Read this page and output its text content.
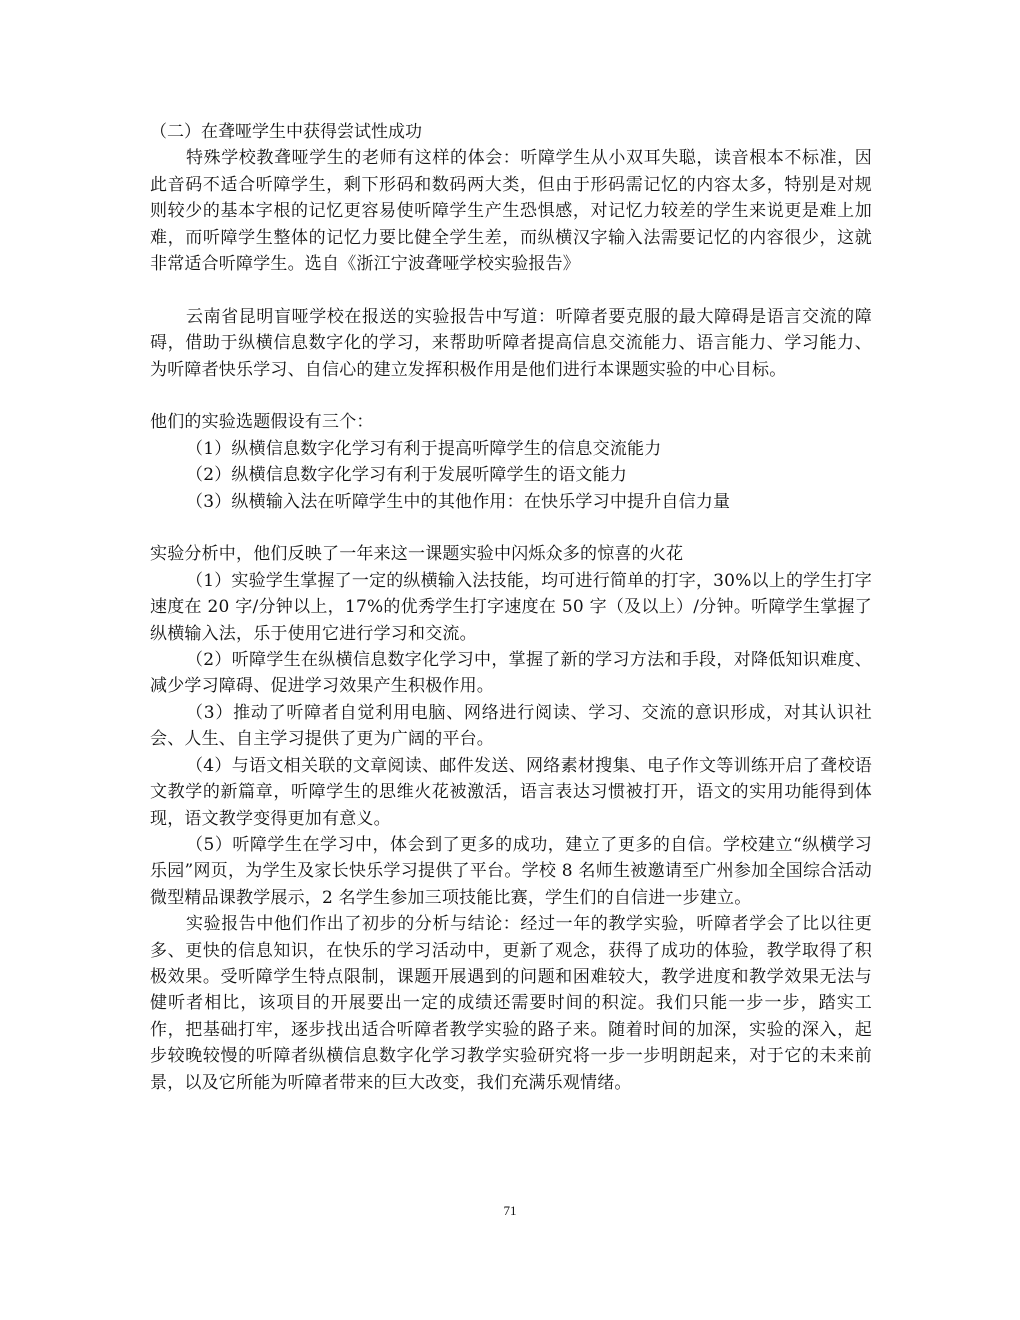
（二）在聋哑学生中获得尝试性成功

特殊学校教聋哑学生的老师有这样的体会：听障学生从小双耳失聪，读音根本不标准，因此音码不适合听障学生，剩下形码和数码两大类，但由于形码需记忆的内容太多，特别是对规则较少的基本字根的记忆更容易使听障学生产生恐惧感，对记忆力较差的学生来说更是难上加难，而听障学生整体的记忆力要比健全学生差，而纵横汉字输入法需要记忆的内容很少，这就非常适合听障学生。选自《浙江宁波聋哑学校实验报告》

云南省昆明盲哑学校在报送的实验报告中写道：听障者要克服的最大障碍是语言交流的障碍，借助于纵横信息数字化的学习，来帮助听障者提高信息交流能力、语言能力、学习能力、为听障者快乐学习、自信心的建立发挥积极作用是他们进行本课题实验的中心目标。

他们的实验选题假设有三个：

（1）纵横信息数字化学习有利于提高听障学生的信息交流能力

（2）纵横信息数字化学习有利于发展听障学生的语文能力

（3）纵横输入法在听障学生中的其他作用：在快乐学习中提升自信力量

实验分析中，他们反映了一年来这一课题实验中闪烁众多的惊喜的火花

（1）实验学生掌握了一定的纵横输入法技能，均可进行简单的打字，30%以上的学生打字速度在 20 字/分钟以上，17%的优秀学生打字速度在 50 字（及以上）/分钟。听障学生掌握了纵横输入法，乐于使用它进行学习和交流。

（2）听障学生在纵横信息数字化学习中，掌握了新的学习方法和手段，对降低知识难度、减少学习障碍、促进学习效果产生积极作用。

（3）推动了听障者自觉利用电脑、网络进行阅读、学习、交流的意识形成，对其认识社会、人生、自主学习提供了更为广阔的平台。

（4）与语文相关联的文章阅读、邮件发送、网络素材搜集、电子作文等训练开启了聋校语文教学的新篇章，听障学生的思维火花被激活，语言表达习惯被打开，语文的实用功能得到体现，语文教学变得更加有意义。

（5）听障学生在学习中，体会到了更多的成功，建立了更多的自信。学校建立“纵横学习乐园”网页，为学生及家长快乐学习提供了平台。学校 8 名师生被邀请至广州参加全国综合活动微型精品课教学展示，2 名学生参加三项技能比赛，学生们的自信进一步建立。

实验报告中他们作出了初步的分析与结论：经过一年的教学实验，听障者学会了比以往更多、更快的信息知识，在快乐的学习活动中，更新了观念，获得了成功的体验，教学取得了积极效果。受听障学生特点限制，课题开展遇到的问题和困难较大，教学进度和教学效果无法与健听者相比，该项目的开展要出一定的成绩还需要时间的积淀。我们只能一步一步，踏实工作，把基础打牢，逐步找出适合听障者教学实验的路子来。随着时间的加深，实验的深入，起步较晚较慢的听障者纵横信息数字化学习教学实验研究将一步一步明朗起来，对于它的未来前景，以及它所能为听障者带来的巨大改变，我们充满乐观情绪。

71
